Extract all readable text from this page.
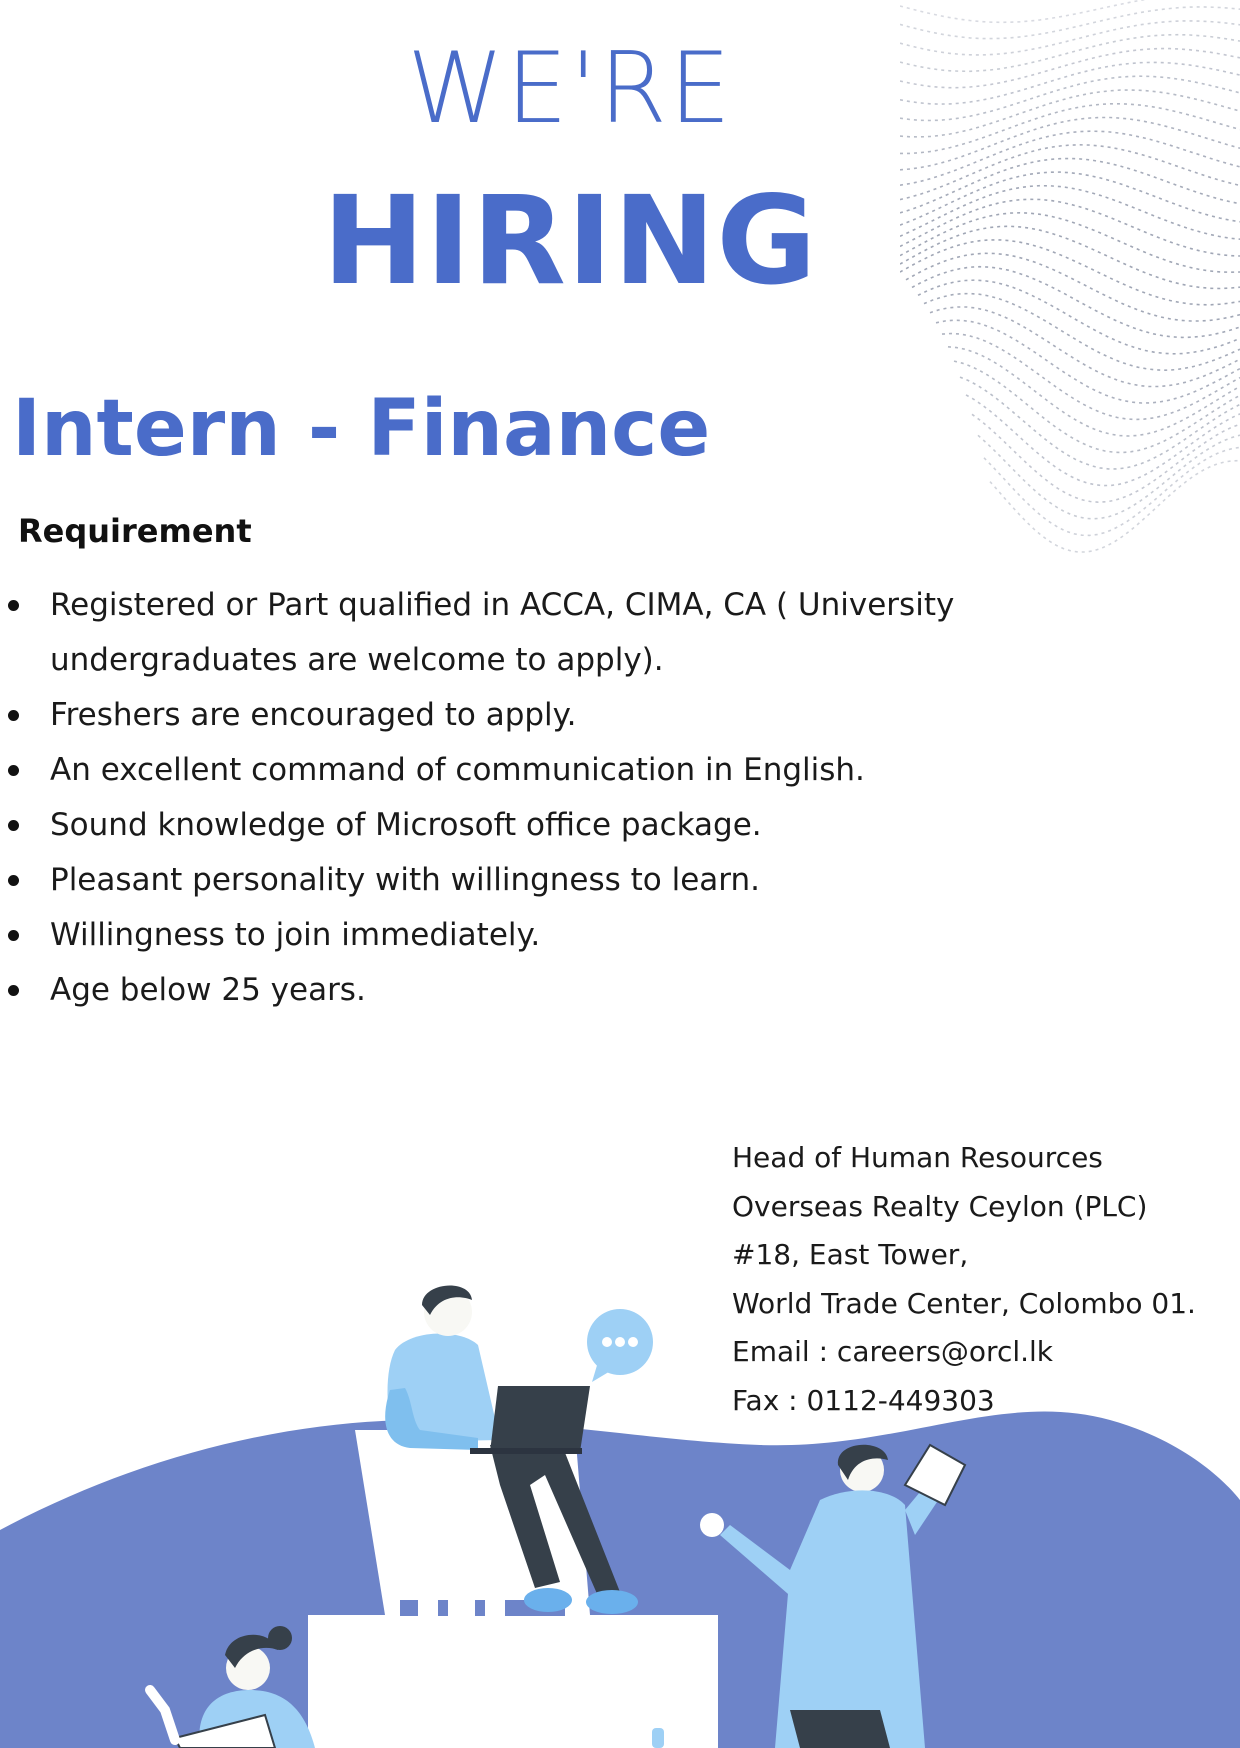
WE'RE
HIRING
Intern - Finance
Requirement
Registered or Part qualified in ACCA, CIMA, CA ( University undergraduates are welcome to apply).
Freshers are encouraged to apply.
An excellent command of communication in English.
Sound knowledge of Microsoft office package.
Pleasant personality with willingness to learn.
Willingness to join immediately.
Age below 25 years.
Head of Human Resources
Overseas Realty Ceylon (PLC)
#18, East Tower,
World Trade Center, Colombo 01.
Email : careers@orcl.lk
Fax : 0112-449303
